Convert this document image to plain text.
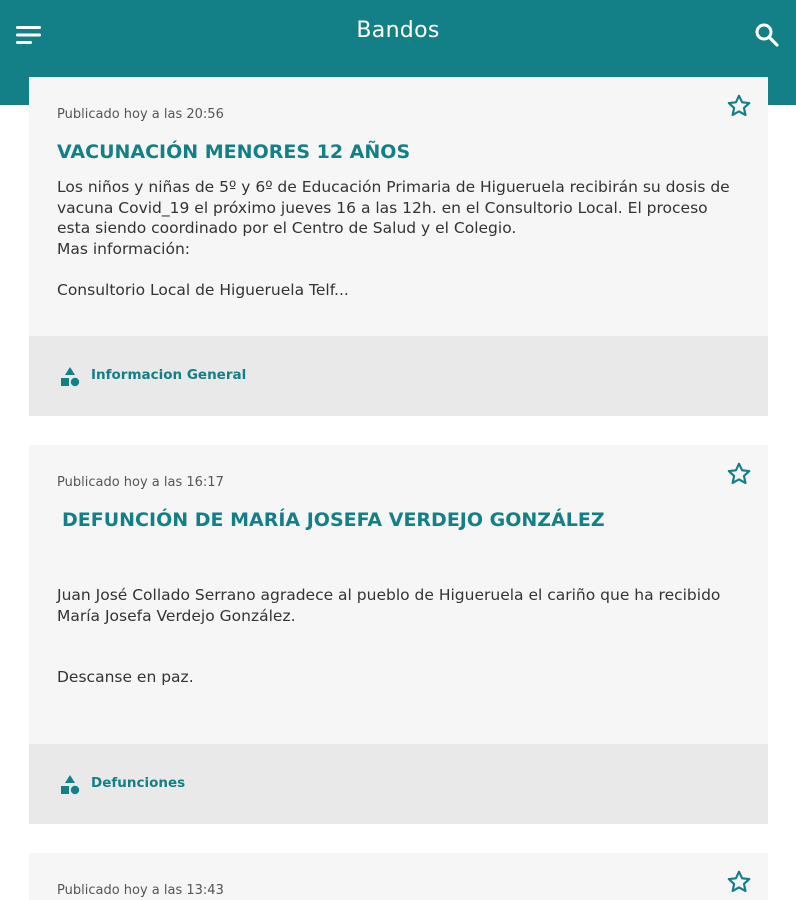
Bandos
Publicado hoy a las 20:56
VACUNACIÓN MENORES 12 AÑOS

Los niños y niñas de 5º y 6º de Educación Primaria de Higueruela recibirán su dosis de vacuna Covid_19 el próximo jueves 16 a las 12h. en el Consultorio Local. El proceso esta siendo coordinado por el Centro de Salud y el Colegio.

Mas información:

Consultorio Local de Higueruela Telf...

Informacion General
Publicado hoy a las 16:17
DEFUNCIÓN DE MARÍA JOSEFA VERDEJO GONZÁLEZ

Juan José Collado Serrano agradece al pueblo de Higueruela el cariño que ha recibido María Josefa Verdejo González.

Descanse en paz.

Defunciones
Publicado hoy a las 13:43
